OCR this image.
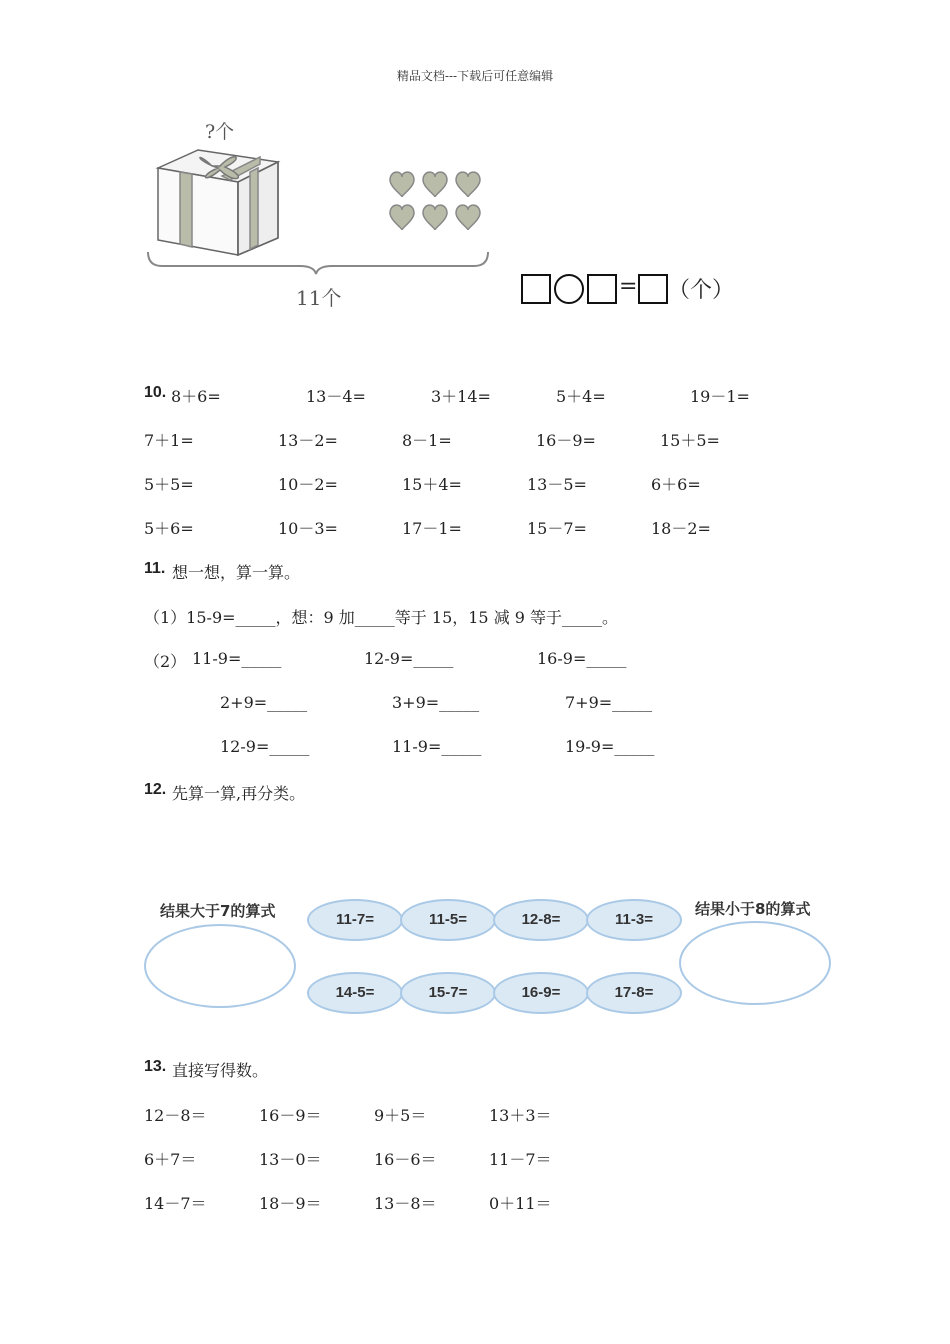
精品文档---下载后可任意编辑
?个
11个	= （个）
10. 8＋6=	13－4=	3＋14=	5＋4=	19－1=
7＋1=	13－2=	8－1=	16－9=	15＋5=
5＋5=	10－2=	15＋4=	13－5=	6＋6=
5＋6=	10－3=	17－1=	15－7=	18－2=
11. 想一想，算一算。
（1）15-9=_____，想：9 加_____等于 15，15 减 9 等于_____。
（2） 11-9=_____	12-9=_____	16-9=_____
2+9=_____	3+9=_____	7+9=_____
12-9=_____	11-9=_____	19-9=_____
12. 先算一算,再分类。
结果大于7的算式	结果小于8的算式
11-7=	11-5=	12-8=	11-3=
14-5=	15-7=	16-9=	17-8=
13. 直接写得数。
12－8＝	16－9＝	9＋5＝	13＋3＝
6＋7＝	13－0＝	16－6＝	11－7＝
14－7＝	18－9＝	13－8＝	0＋11＝
